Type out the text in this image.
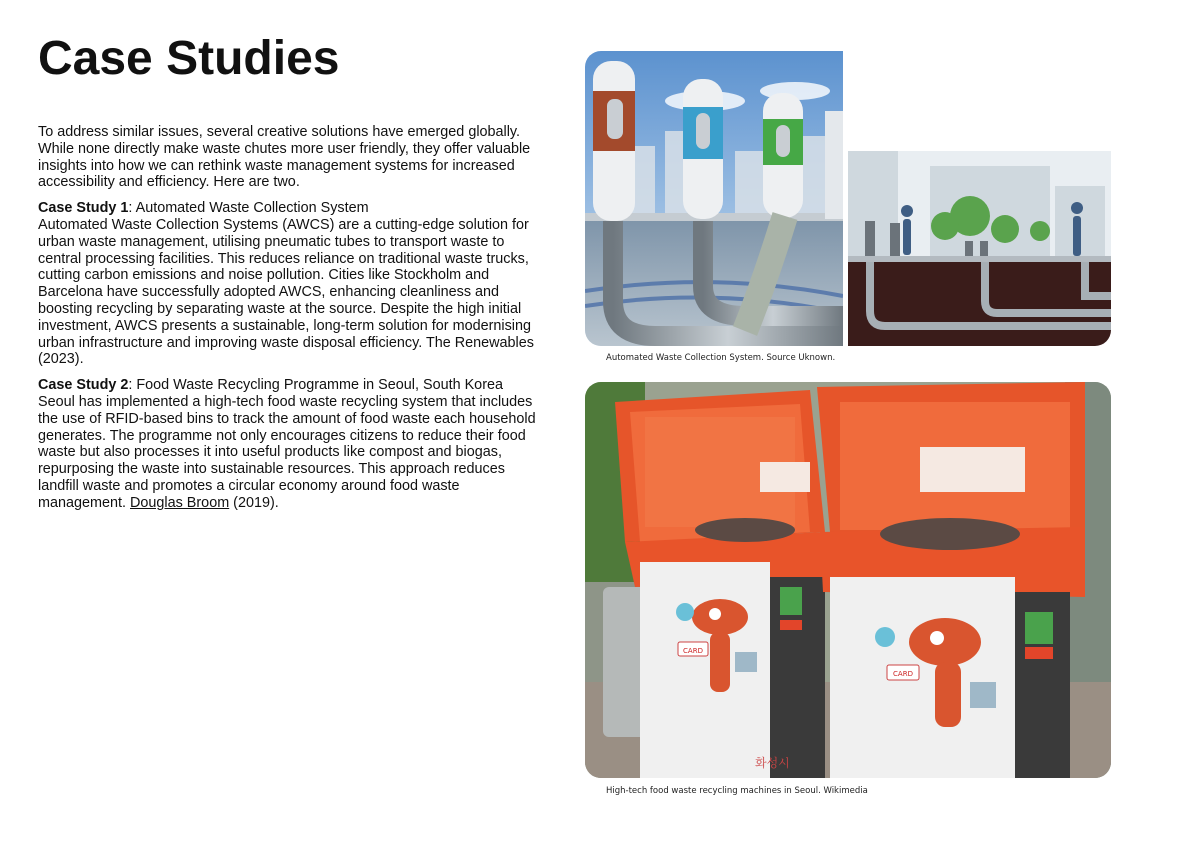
Case Studies

To address similar issues, several creative solutions have emerged globally. While none directly make waste chutes more user friendly, they offer valuable insights into how we can rethink waste management systems for increased accessibility and efficiency. Here are two.

Case Study 1: Automated Waste Collection System
Automated Waste Collection Systems (AWCS) are a cutting-edge solution for urban waste management, utilising pneumatic tubes to transport waste to central processing facilities. This reduces reliance on traditional waste trucks, cutting carbon emissions and noise pollution. Cities like Stockholm and Barcelona have successfully adopted AWCS, enhancing cleanliness and boosting recycling by separating waste at the source. Despite the high initial investment, AWCS presents a sustainable, long-term solution for modernising urban infrastructure and improving waste disposal efficiency. The Renewables (2023).

Case Study 2: Food Waste Recycling Programme in Seoul, South Korea
Seoul has implemented a high-tech food waste recycling system that includes the use of RFID-based bins to track the amount of food waste each household generates. The programme not only encourages citizens to reduce their food waste but also processes it into useful products like compost and biogas, repurposing the waste into sustainable resources. This approach reduces landfill waste and promotes a circular economy around food waste management. Douglas Broom (2019).

Automated Waste Collection System. Source Uknown.
CARD
화성시
CARD
High-tech food waste recycling machines in Seoul. Wikimedia
